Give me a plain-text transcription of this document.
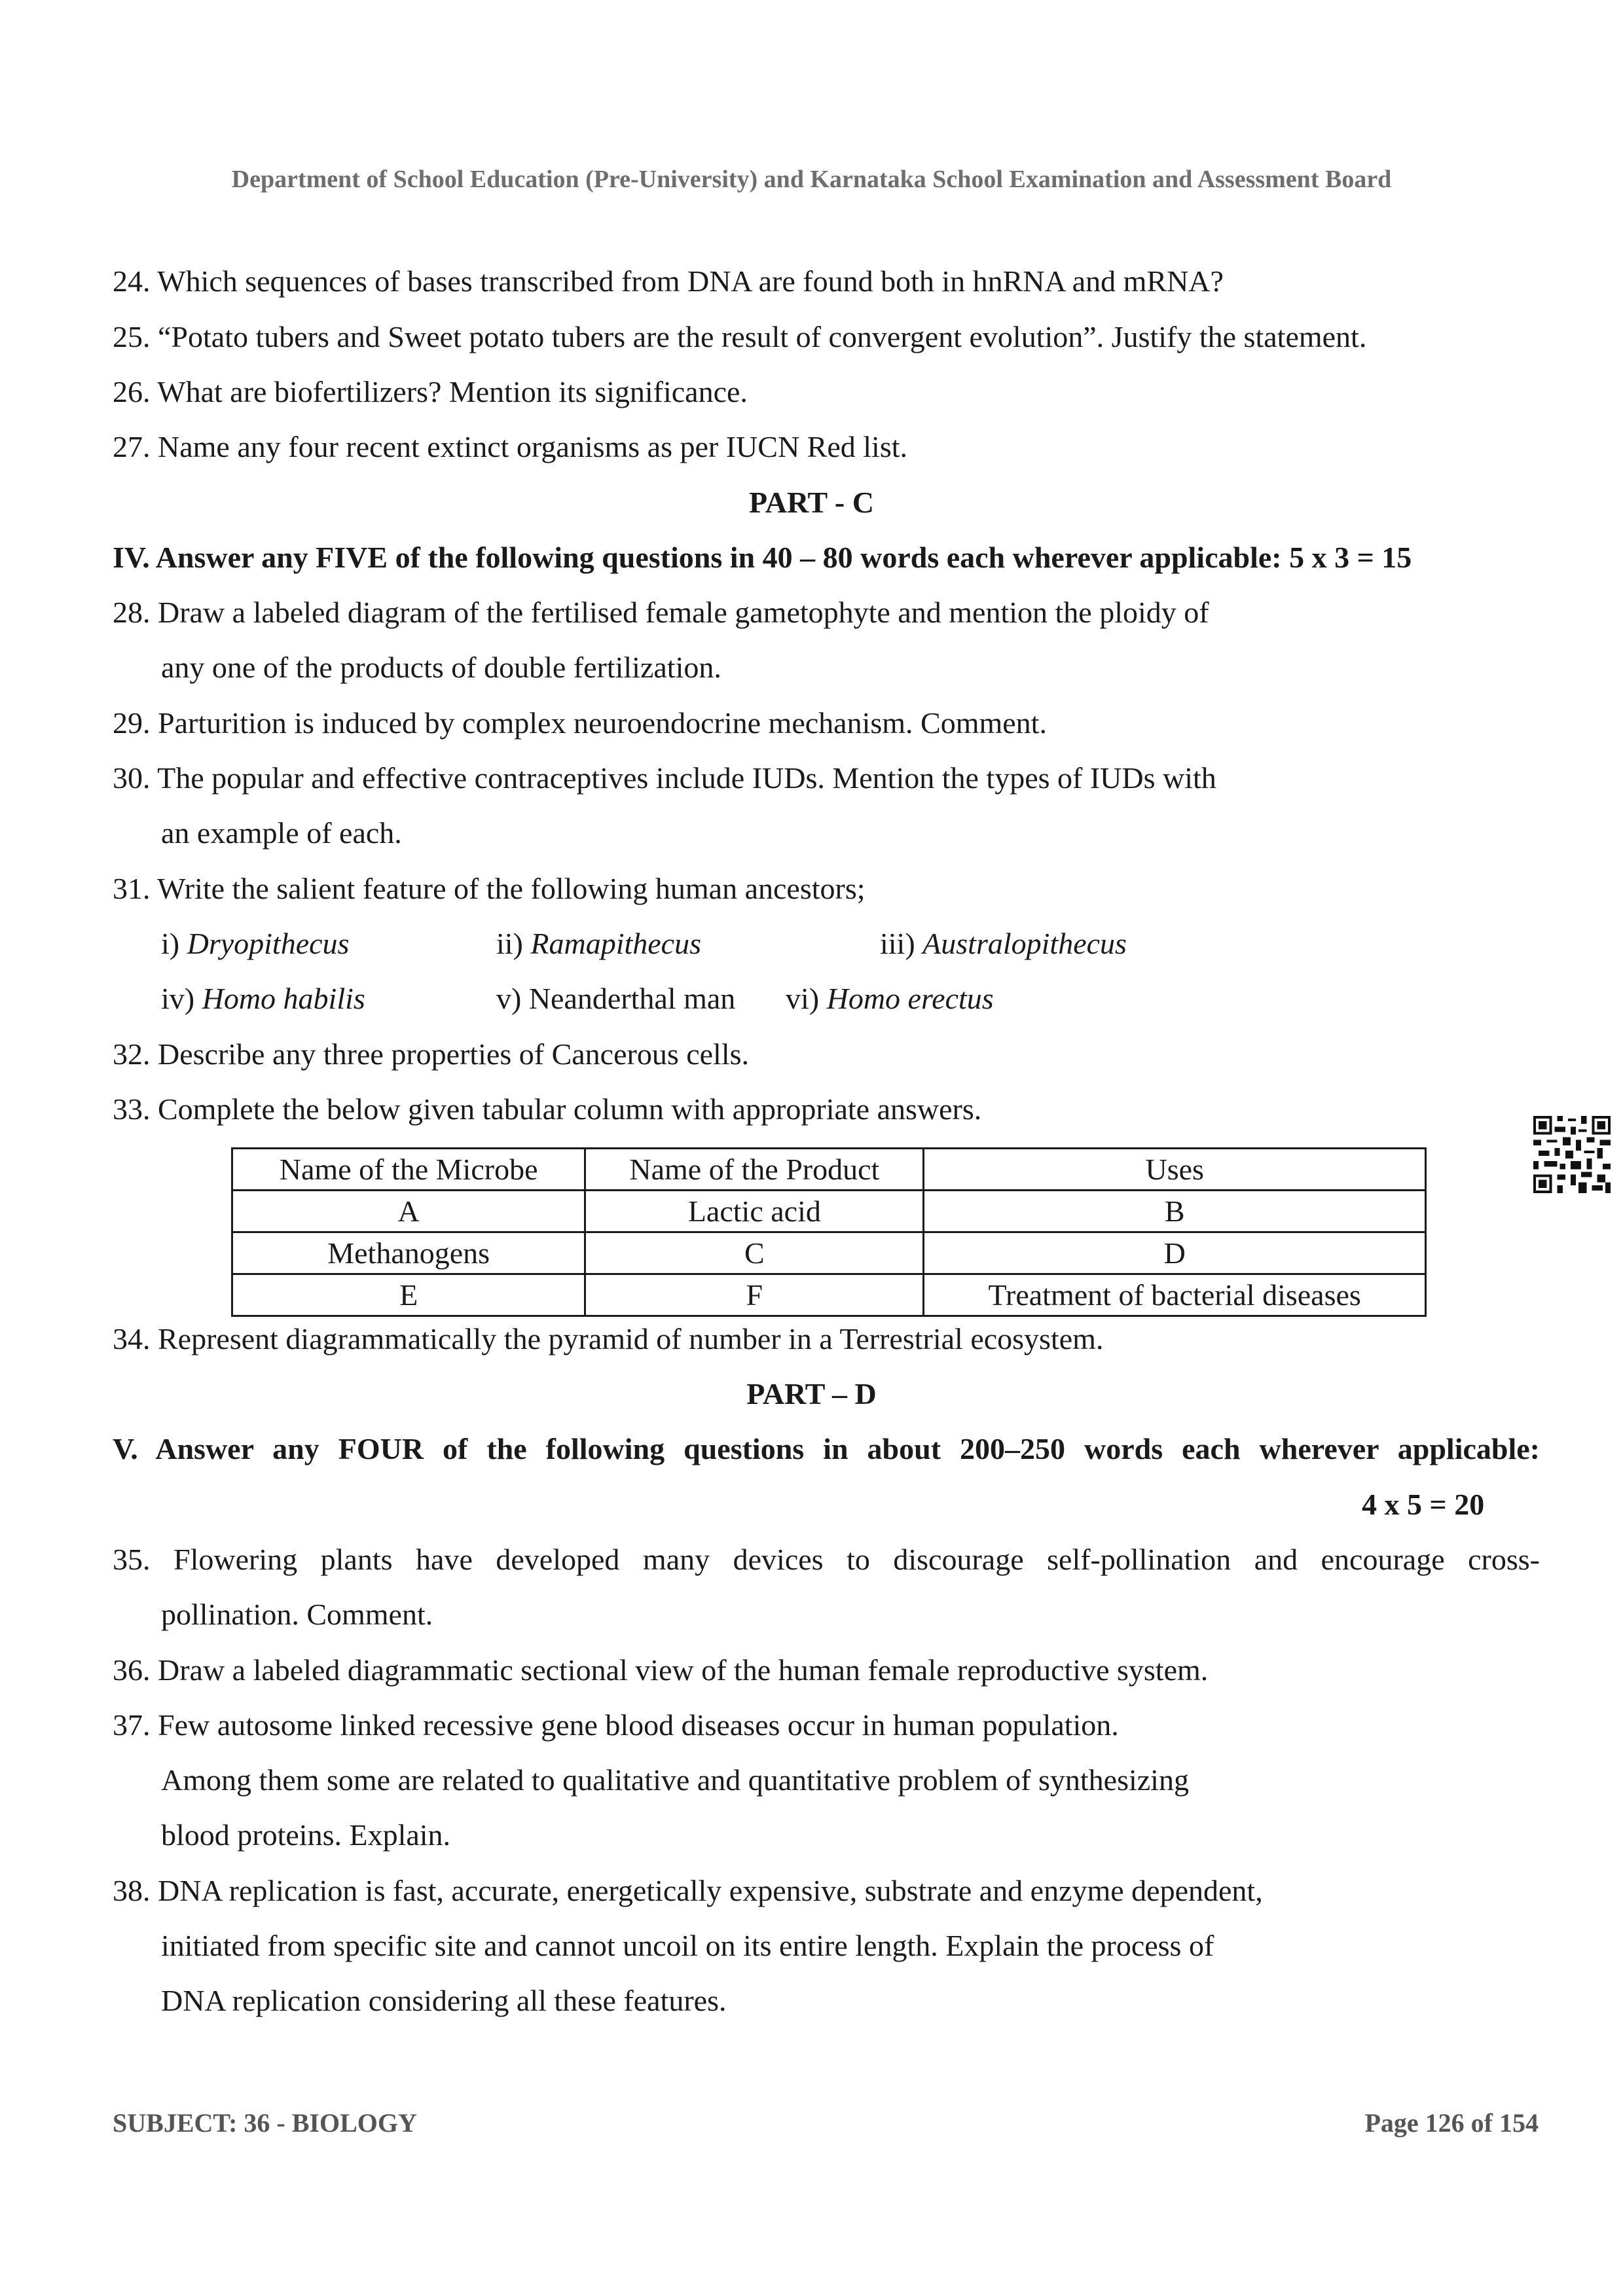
Department of School Education (Pre-University) and Karnataka School Examination and Assessment Board
24. Which sequences of bases transcribed from DNA are found both in hnRNA and mRNA?
25. “Potato tubers and Sweet potato tubers are the result of convergent evolution”. Justify the statement.
26. What are biofertilizers? Mention its significance.
27. Name any four recent extinct organisms as per IUCN Red list.
PART - C
IV. Answer any FIVE of the following questions in 40 – 80 words each wherever applicable: 5 x 3 = 15
28. Draw a labeled diagram of the fertilised female gametophyte and mention the ploidy of
any one of the products of double fertilization.
29. Parturition is induced by complex neuroendocrine mechanism. Comment.
30. The popular and effective contraceptives include IUDs. Mention the types of IUDs with
an example of each.
31. Write the salient feature of the following human ancestors;
i) Dryopithecus	ii) Ramapithecus	iii) Australopithecus
iv) Homo habilis	v) Neanderthal man vi) Homo erectus
32. Describe any three properties of Cancerous cells.
33. Complete the below given tabular column with appropriate answers.
Name of the Microbe	Name of the Product	Uses
A	Lactic acid	B
Methanogens	C	D
E	F	Treatment of bacterial diseases
34. Represent diagrammatically the pyramid of number in a Terrestrial ecosystem.
PART – D
V. Answer any FOUR of the following questions in about 200–250 words each wherever applicable:
4 x 5 = 20
35. Flowering plants have developed many devices to discourage self-pollination and encourage cross-
pollination. Comment.
36. Draw a labeled diagrammatic sectional view of the human female reproductive system.
37. Few autosome linked recessive gene blood diseases occur in human population.
Among them some are related to qualitative and quantitative problem of synthesizing
blood proteins. Explain.
38. DNA replication is fast, accurate, energetically expensive, substrate and enzyme dependent,
initiated from specific site and cannot uncoil on its entire length. Explain the process of
DNA replication considering all these features.
SUBJECT: 36 - BIOLOGY	Page 126 of 154
